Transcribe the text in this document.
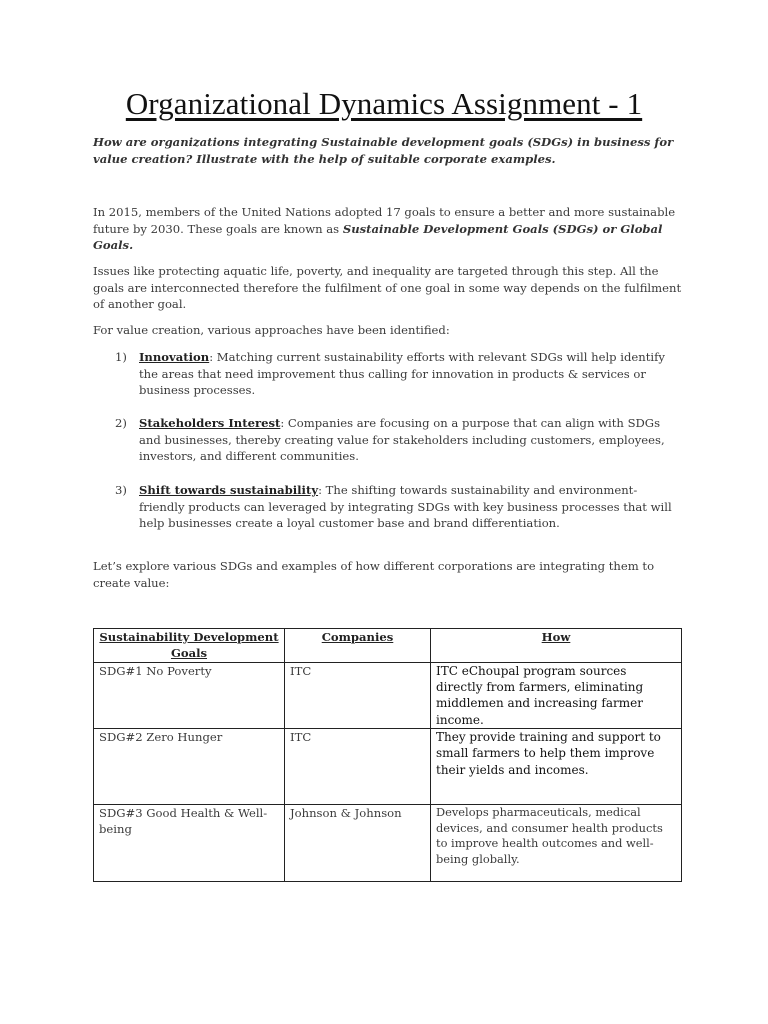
Organizational Dynamics Assignment - 1
How are organizations integrating Sustainable development goals (SDGs) in business for value creation? Illustrate with the help of suitable corporate examples.
In 2015, members of the United Nations adopted 17 goals to ensure a better and more sustainable future by 2030. These goals are known as Sustainable Development Goals (SDGs) or Global Goals.
Issues like protecting aquatic life, poverty, and inequality are targeted through this step. All the goals are interconnected therefore the fulfilment of one goal in some way depends on the fulfilment of another goal.
For value creation, various approaches have been identified:
1) Innovation: Matching current sustainability efforts with relevant SDGs will help identify the areas that need improvement thus calling for innovation in products & services or business processes.
2) Stakeholders Interest: Companies are focusing on a purpose that can align with SDGs and businesses, thereby creating value for stakeholders including customers, employees, investors, and different communities.
3) Shift towards sustainability: The shifting towards sustainability and environment-friendly products can leveraged by integrating SDGs with key business processes that will help businesses create a loyal customer base and brand differentiation.
Let’s explore various SDGs and examples of how different corporations are integrating them to create value:
Sustainability Development Goals	Companies	How
SDG#1 No Poverty	ITC	ITC eChoupal program sources directly from farmers, eliminating middlemen and increasing farmer income.
SDG#2 Zero Hunger	ITC	They provide training and support to small farmers to help them improve their yields and incomes.
SDG#3 Good Health & Well-being	Johnson & Johnson	Develops pharmaceuticals, medical devices, and consumer health products to improve health outcomes and well-being globally.
